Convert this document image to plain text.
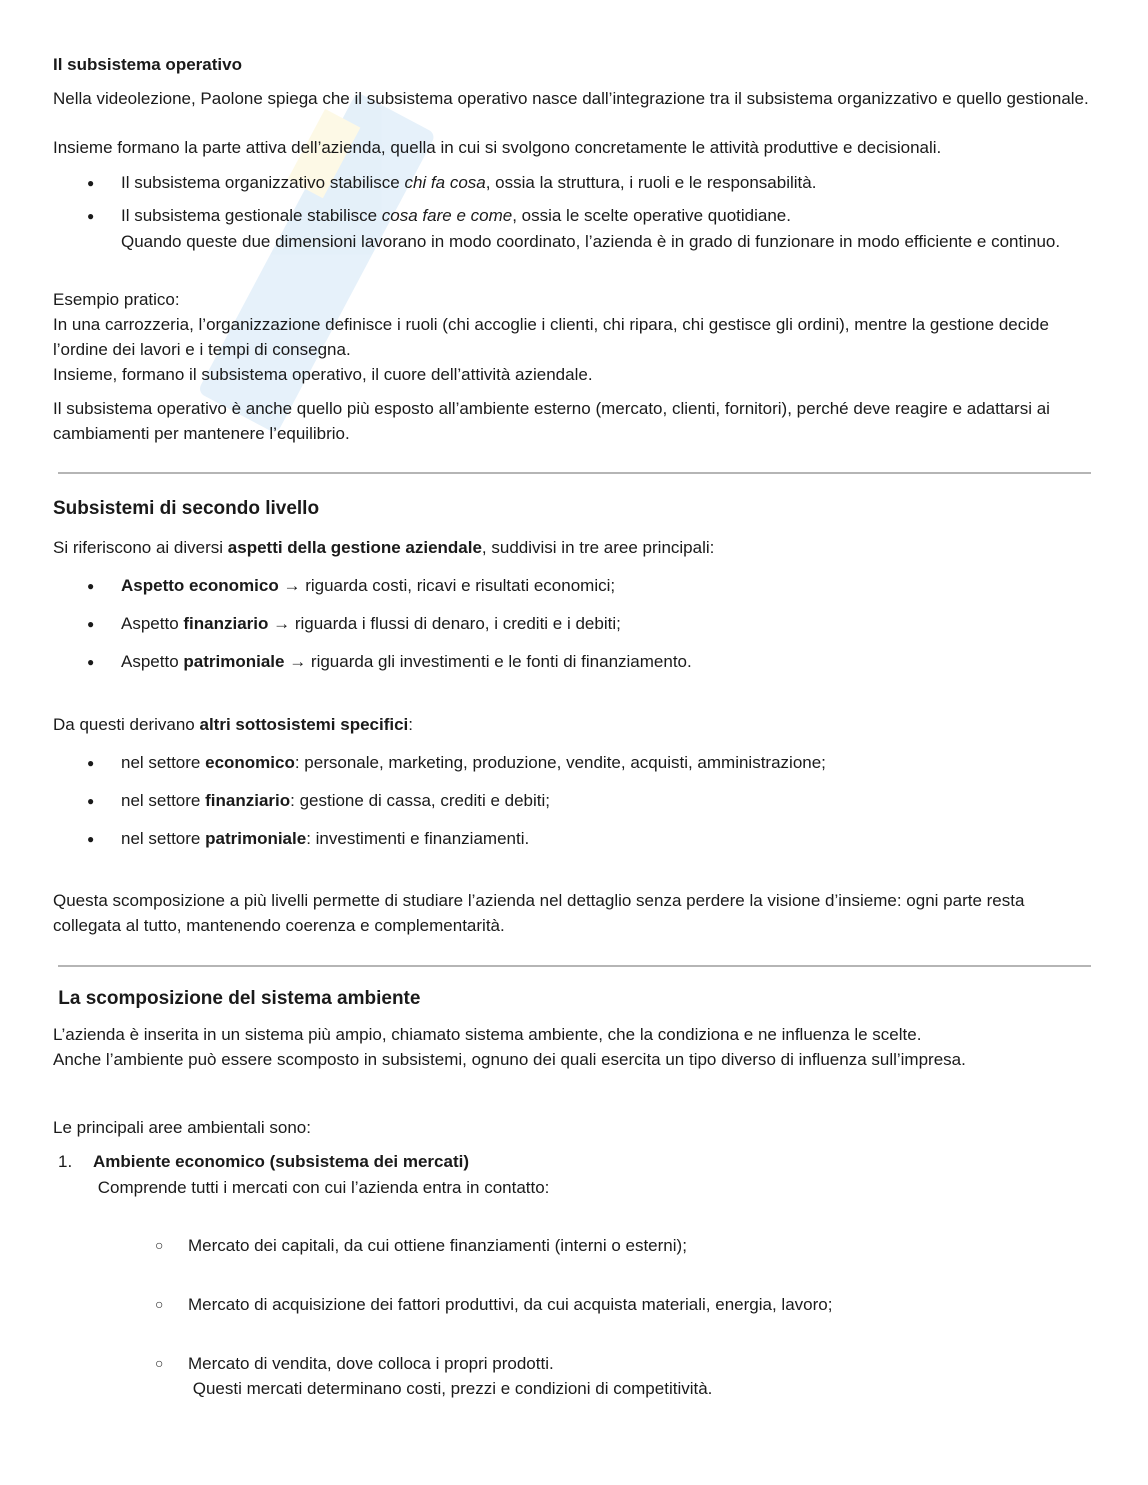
Il subsistema operativo

Nella videolezione, Paolone spiega che il subsistema operativo nasce dall’integrazione tra il subsistema organizzativo e quello gestionale.

Insieme formano la parte attiva dell’azienda, quella in cui si svolgono concretamente le attività produttive e decisionali.

● Il subsistema organizzativo stabilisce chi fa cosa, ossia la struttura, i ruoli e le responsabilità.

● Il subsistema gestionale stabilisce cosa fare e come, ossia le scelte operative quotidiane.

Quando queste due dimensioni lavorano in modo coordinato, l’azienda è in grado di funzionare in modo efficiente e continuo.

Esempio pratico:

In una carrozzeria, l’organizzazione definisce i ruoli (chi accoglie i clienti, chi ripara, chi gestisce gli ordini), mentre la gestione decide l’ordine dei lavori e i tempi di consegna.

Insieme, formano il subsistema operativo, il cuore dell’attività aziendale.

Il subsistema operativo è anche quello più esposto all’ambiente esterno (mercato, clienti, fornitori), perché deve reagire e adattarsi ai cambiamenti per mantenere l’equilibrio.

Subsistemi di secondo livello

Si riferiscono ai diversi aspetti della gestione aziendale, suddivisi in tre aree principali:

● Aspetto economico → riguarda costi, ricavi e risultati economici;

● Aspetto finanziario → riguarda i flussi di denaro, i crediti e i debiti;

● Aspetto patrimoniale → riguarda gli investimenti e le fonti di finanziamento.

Da questi derivano altri sottosistemi specifici:

● nel settore economico: personale, marketing, produzione, vendite, acquisti, amministrazione;

● nel settore finanziario: gestione di cassa, crediti e debiti;

● nel settore patrimoniale: investimenti e finanziamenti.

Questa scomposizione a più livelli permette di studiare l’azienda nel dettaglio senza perdere la visione d’insieme: ogni parte resta collegata al tutto, mantenendo coerenza e complementarità.

La scomposizione del sistema ambiente

L’azienda è inserita in un sistema più ampio, chiamato sistema ambiente, che la condiziona e ne influenza le scelte.

Anche l’ambiente può essere scomposto in subsistemi, ognuno dei quali esercita un tipo diverso di influenza sull’impresa.

Le principali aree ambientali sono:

1. Ambiente economico (subsistema dei mercati)

Comprende tutti i mercati con cui l’azienda entra in contatto:

○ Mercato dei capitali, da cui ottiene finanziamenti (interni o esterni);

○ Mercato di acquisizione dei fattori produttivi, da cui acquista materiali, energia, lavoro;

○ Mercato di vendita, dove colloca i propri prodotti.

Questi mercati determinano costi, prezzi e condizioni di competitività.
